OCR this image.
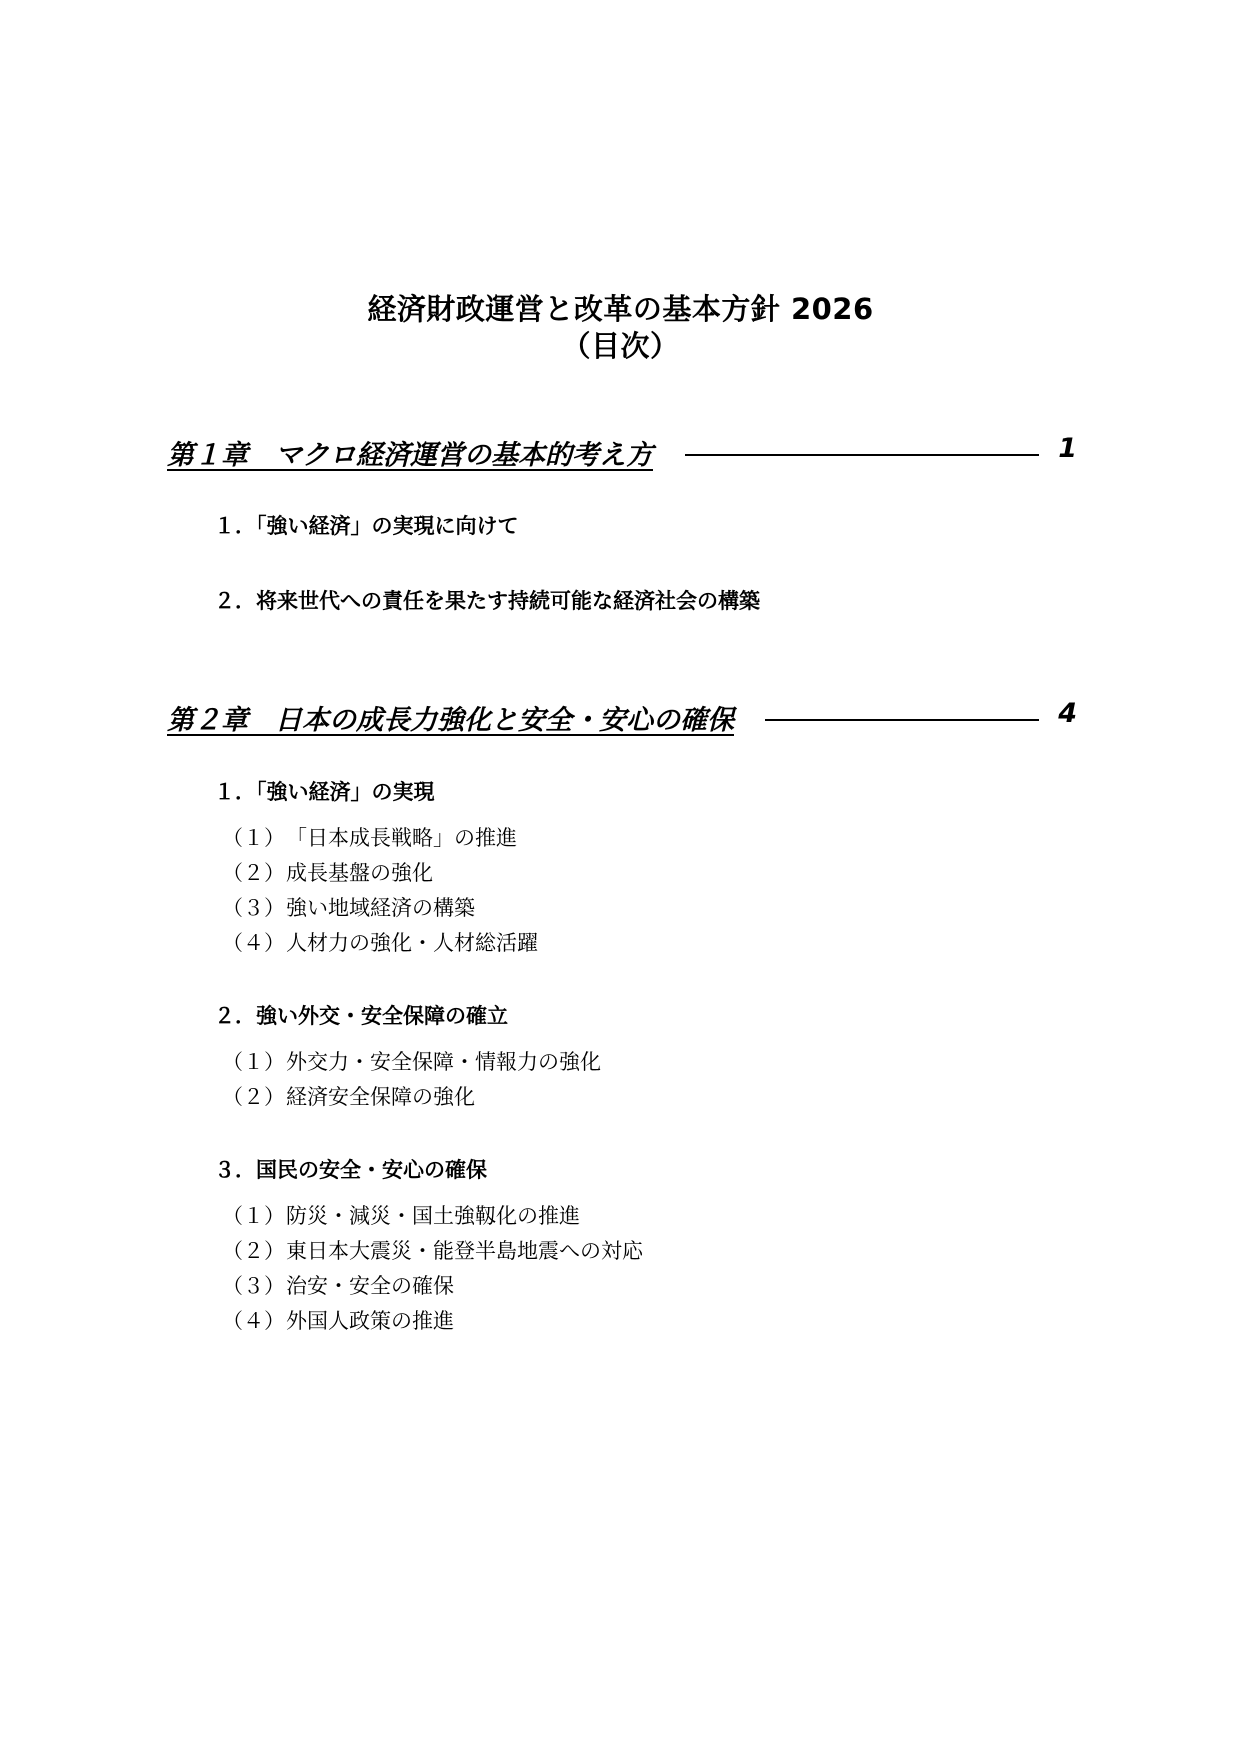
経済財政運営と改革の基本方針 2026
（目次）
第１章　マクロ経済運営の基本的考え方	1
１．「強い経済」の実現に向けて
２．将来世代への責任を果たす持続可能な経済社会の構築
第２章　日本の成長力強化と安全・安心の確保	4
１．「強い経済」の実現
（１）「日本成長戦略」の推進
（２）成長基盤の強化
（３）強い地域経済の構築
（４）人材力の強化・人材総活躍
２．強い外交・安全保障の確立
（１）外交力・安全保障・情報力の強化
（２）経済安全保障の強化
３．国民の安全・安心の確保
（１）防災・減災・国土強靱化の推進
（２）東日本大震災・能登半島地震への対応
（３）治安・安全の確保
（４）外国人政策の推進
